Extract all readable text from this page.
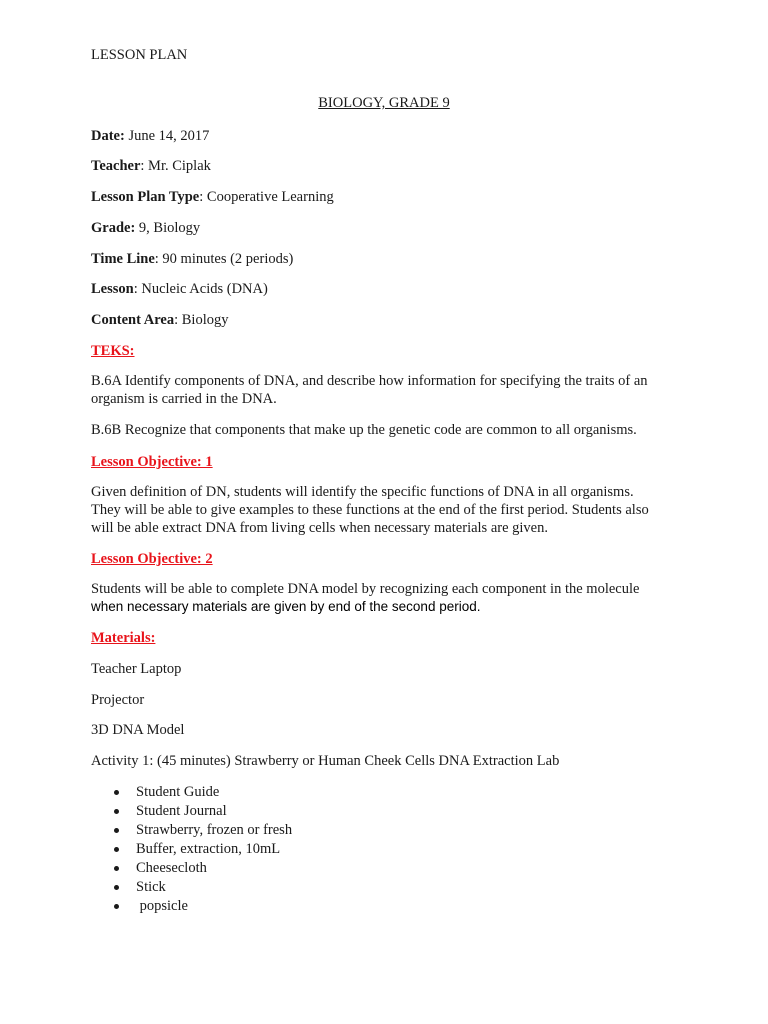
LESSON PLAN
BIOLOGY, GRADE 9
Date: June 14, 2017
Teacher: Mr. Ciplak
Lesson Plan Type: Cooperative Learning
Grade: 9, Biology
Time Line: 90 minutes (2 periods)
Lesson: Nucleic Acids (DNA)
Content Area: Biology
TEKS:
B.6A Identify components of DNA, and describe how information for specifying the traits of an
organism is carried in the DNA.
B.6B Recognize that components that make up the genetic code are common to all organisms.
Lesson Objective: 1
Given definition of DN, students will identify the specific functions of DNA in all organisms.
They will be able to give examples to these functions at the end of the first period. Students also
will be able extract DNA from living cells when necessary materials are given.
Lesson Objective: 2
Students will be able to complete DNA model by recognizing each component in the molecule
when necessary materials are given by end of the second period.
Materials:
Teacher Laptop
Projector
3D DNA Model
Activity 1: (45 minutes) Strawberry or Human Cheek Cells DNA Extraction Lab
Student Guide
Student Journal
Strawberry, frozen or fresh
Buffer, extraction, 10mL
Cheesecloth
Stick
popsicle
